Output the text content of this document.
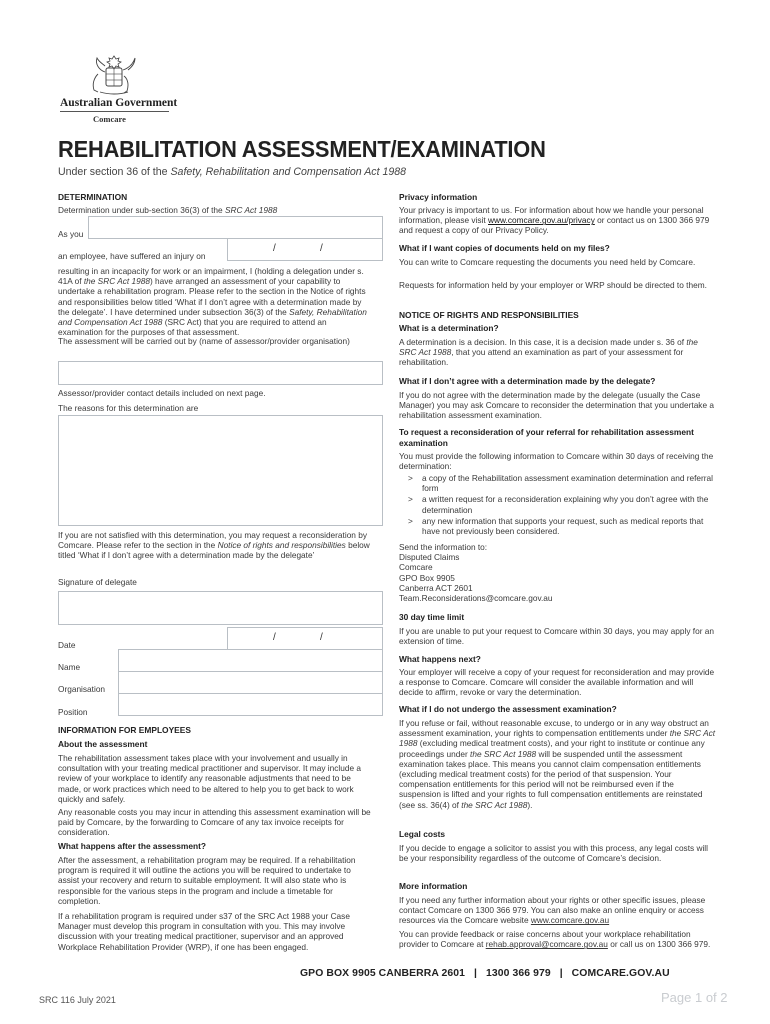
Australian Government
Comcare
REHABILITATION ASSESSMENT/EXAMINATION
Under section 36 of the Safety, Rehabilitation and Compensation Act 1988
DETERMINATION
Determination under sub-section 36(3) of the SRC Act 1988
As you
an employee, have suffered an injury on
/	/
resulting in an incapacity for work or an impairment, I (holding a delegation under s. 41A of the SRC Act 1988) have arranged an assessment of your capability to undertake a rehabilitation program. Please refer to the section in the Notice of rights and responsibilities below titled ‘What if I don’t agree with a determination made by the delegate’. I have determined under subsection 36(3) of the Safety, Rehabilitation and Compensation Act 1988 (SRC Act) that you are required to attend an examination for the purposes of that assessment.
The assessment will be carried out by (name of assessor/provider organisation)
Assessor/provider contact details included on next page.
The reasons for this determination are
If you are not satisfied with this determination, you may request a reconsideration by Comcare. Please refer to the section in the Notice of rights and responsibilities below titled ‘What if I don’t agree with a determination made by the delegate’
Signature of delegate
Date
/	/
Name
Organisation
Position
INFORMATION FOR EMPLOYEES
About the assessment
The rehabilitation assessment takes place with your involvement and usually in consultation with your treating medical practitioner and supervisor. It may include a review of your workplace to identify any reasonable adjustments that need to be made, or work practices which need to be altered to help you to get back to work quickly and safely.
Any reasonable costs you may incur in attending this assessment examination will be paid by Comcare, by the forwarding to Comcare of any tax invoice receipts for consideration.
What happens after the assessment?
After the assessment, a rehabilitation program may be required. If a rehabilitation program is required it will outline the actions you will be required to undertake to assist your recovery and return to suitable employment. It will also state who is responsible for the various steps in the program and include a timetable for completion.
If a rehabilitation program is required under s37 of the SRC Act 1988 your Case Manager must develop this program in consultation with you. This may involve discussion with your treating medical practitioner, supervisor and an approved Workplace Rehabilitation Provider (WRP), if one has been engaged.
Privacy information
Your privacy is important to us. For information about how we handle your personal information, please visit www.comcare.gov.au/privacy or contact us on 1300 366 979 and request a copy of our Privacy Policy.
What if I want copies of documents held on my files?
You can write to Comcare requesting the documents you need held by Comcare.
Requests for information held by your employer or WRP should be directed to them.
NOTICE OF RIGHTS AND RESPONSIBILITIES
What is a determination?
A determination is a decision. In this case, it is a decision made under s. 36 of the SRC Act 1988, that you attend an examination as part of your assessment for rehabilitation.
What if I don’t agree with a determination made by the delegate?
If you do not agree with the determination made by the delegate (usually the Case Manager) you may ask Comcare to reconsider the determination that you undertake a rehabilitation assessment examination.
To request a reconsideration of your referral for rehabilitation assessment examination
You must provide the following information to Comcare within 30 days of receiving the determination:
> a copy of the Rehabilitation assessment examination determination and referral form
> a written request for a reconsideration explaining why you don’t agree with the determination
> any new information that supports your request, such as medical reports that have not previously been considered.
Send the information to:
Disputed Claims
Comcare
GPO Box 9905
Canberra ACT 2601
Team.Reconsiderations@comcare.gov.au
30 day time limit
If you are unable to put your request to Comcare within 30 days, you may apply for an extension of time.
What happens next?
Your employer will receive a copy of your request for reconsideration and may provide a response to Comcare. Comcare will consider the available information and will decide to affirm, revoke or vary the determination.
What if I do not undergo the assessment examination?
If you refuse or fail, without reasonable excuse, to undergo or in any way obstruct an assessment examination, your rights to compensation entitlements under the SRC Act 1988 (excluding medical treatment costs), and your right to institute or continue any proceedings under the SRC Act 1988 will be suspended until the assessment examination takes place. This means you cannot claim compensation entitlements (excluding medical treatment costs) for the period of that suspension. Your compensation entitlements for this period will not be reimbursed even if the suspension is lifted and your rights to full compensation entitlements are reinstated (see ss. 36(4) of the SRC Act 1988).
Legal costs
If you decide to engage a solicitor to assist you with this process, any legal costs will be your responsibility regardless of the outcome of Comcare’s decision.
More information
If you need any further information about your rights or other specific issues, please contact Comcare on 1300 366 979. You can also make an online enquiry or access resources via the Comcare website www.comcare.gov.au
You can provide feedback or raise concerns about your workplace rehabilitation provider to Comcare at rehab.approval@comcare.gov.au or call us on 1300 366 979.
GPO BOX 9905 CANBERRA 2601   |   1300 366 979   |   COMCARE.GOV.AU
SRC 116 July 2021	Page 1 of 2
